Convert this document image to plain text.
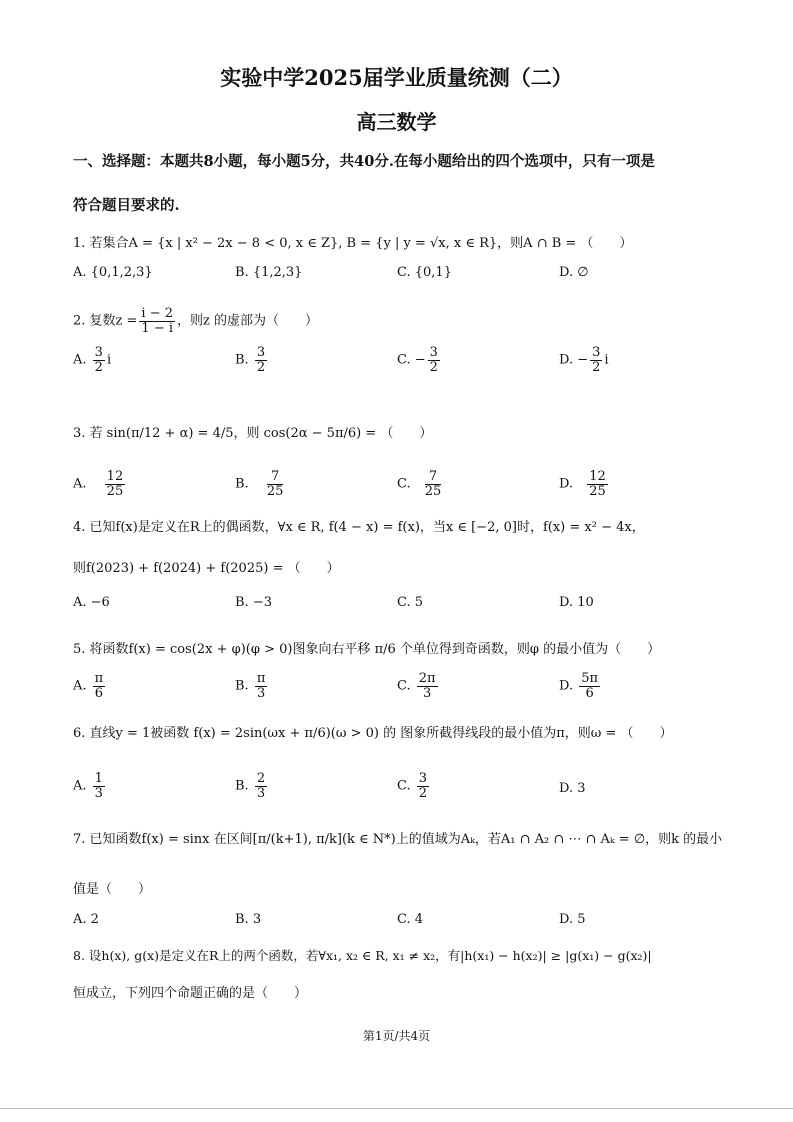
实验中学2025届学业质量统测（二）
高三数学
一、选择题：本题共8小题，每小题5分，共40分.在每小题给出的四个选项中，只有一项是
符合题目要求的.
1. 若集合A = {x | x² − 2x − 8 < 0, x ∈ Z}, B = {y | y = √x, x ∈ R}，则A ∩ B = （　　）
A. {0,1,2,3}	B. {1,2,3}	C. {0,1}	D. ∅
2. 复数$z = \frac{i - 2}{1 - i}$ ，则z 的虚部为（　　）
A. $\frac{3}{2}$ i	B. $\frac{3}{2}$	C. − $\frac{3}{2}$	D. − $\frac{3}{2}$ i
3. 若 sin(π/12 + α) = 4/5，则 cos(2α − 5π/6) = （　　）
A. $\frac{12}{25}$	B. $\frac{7}{25}$	C. $\frac{7}{25}$	D. $\frac{12}{25}$
4. 已知f(x)是定义在R上的偶函数，∀x ∈ R, f(4 − x) = f(x)，当x ∈ [−2, 0]时，f(x) = x² − 4x，
则f(2023) + f(2024) + f(2025) = （　　）
A. −6	B. −3	C. 5	D. 10
5. 将函数f(x) = cos(2x + φ)(φ > 0)图象向右平移 π/6 个单位得到奇函数，则φ 的最小值为（　　）
A. $\frac{\pi}{6}$	B. $\frac{\pi}{3}$	C. $\frac{2\pi}{3}$	D. $\frac{5\pi}{6}$
6. 直线y = 1被函数 f(x) = 2sin(ωx + π/6)(ω > 0) 的 图象所截得线段的最小值为π，则ω = （　　）
A. $\frac{1}{3}$	B. $\frac{2}{3}$	C. $\frac{3}{2}$	D. 3
7. 已知函数f(x) = sinx 在区间[π/(k+1), π/k](k ∈ N*)上的值域为Aₖ，若A₁ ∩ A₂ ∩ ⋯ ∩ Aₖ = ∅，则k 的最小
值是（　　）
A. 2	B. 3	C. 4	D. 5
8. 设h(x), g(x)是定义在R上的两个函数，若∀x₁, x₂ ∈ R, x₁ ≠ x₂，有|h(x₁) − h(x₂)| ≥ |g(x₁) − g(x₂)|
恒成立，下列四个命题正确的是（　　）
第1页/共4页
